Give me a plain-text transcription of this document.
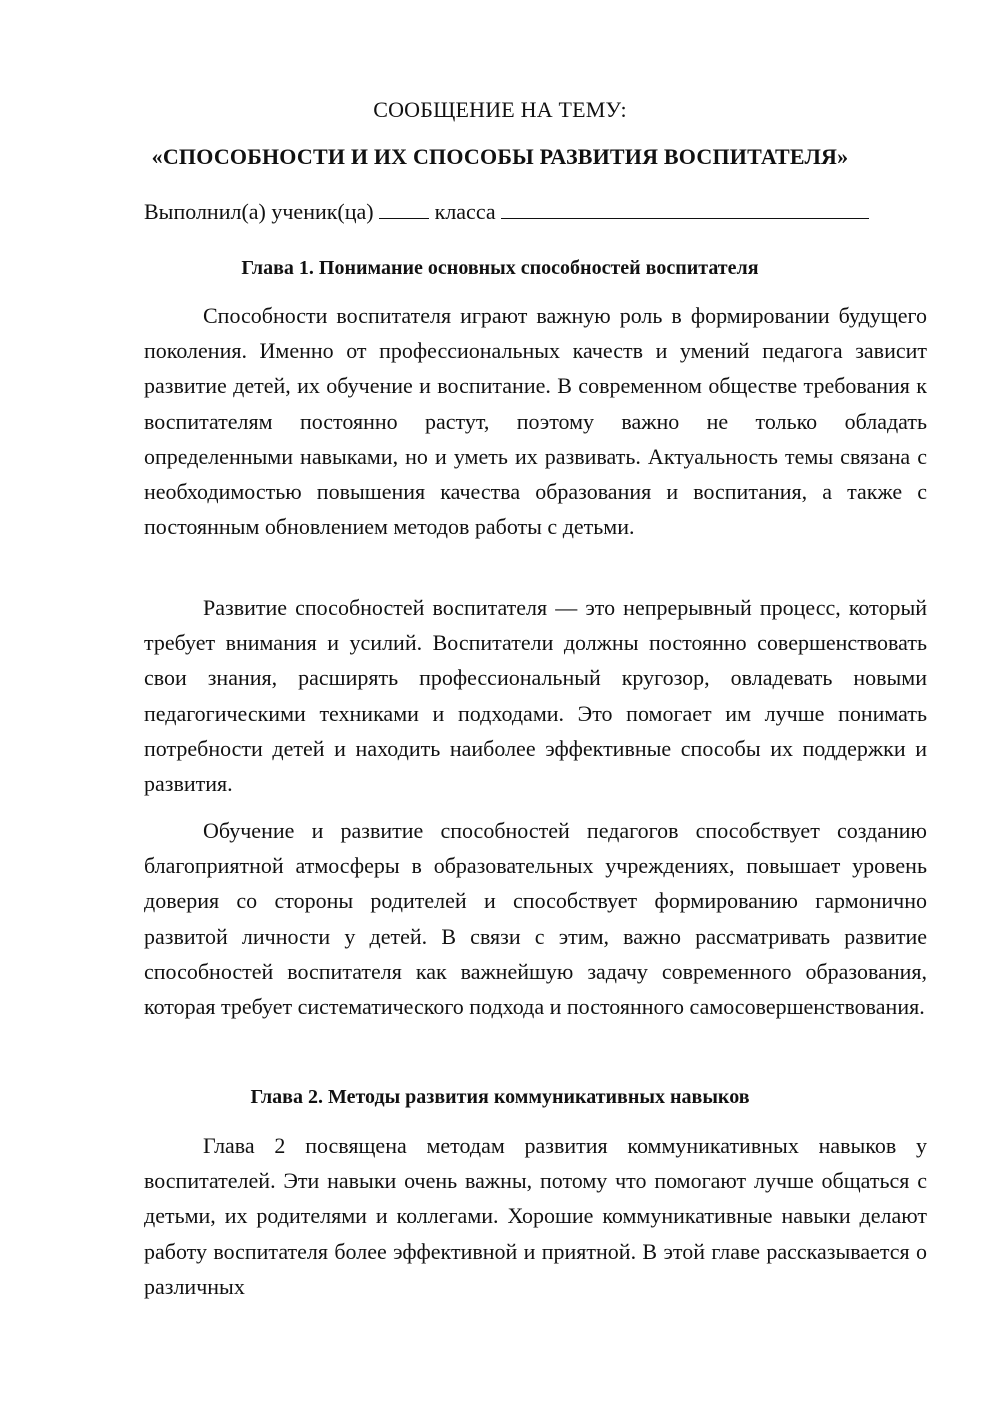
СООБЩЕНИЕ НА ТЕМУ:
«СПОСОБНОСТИ И ИХ СПОСОБЫ РАЗВИТИЯ ВОСПИТАТЕЛЯ»
Выполнил(а) ученик(ца)	класса
Глава 1. Понимание основных способностей воспитателя

Способности воспитателя играют важную роль в формировании будущего поколения. Именно от профессиональных качеств и умений педагога зависит развитие детей, их обучение и воспитание. В современном обществе требования к воспитателям постоянно растут, поэтому важно не только обладать определенными навыками, но и уметь их развивать. Актуальность темы связана с необходимостью повышения качества образования и воспитания, а также с постоянным обновлением методов работы с детьми.

Развитие способностей воспитателя — это непрерывный процесс, который требует внимания и усилий. Воспитатели должны постоянно совершенствовать свои знания, расширять профессиональный кругозор, овладевать новыми педагогическими техниками и подходами. Это помогает им лучше понимать потребности детей и находить наиболее эффективные способы их поддержки и развития.

Обучение и развитие способностей педагогов способствует созданию благоприятной атмосферы в образовательных учреждениях, повышает уровень доверия со стороны родителей и способствует формированию гармонично развитой личности у детей. В связи с этим, важно рассматривать развитие способностей воспитателя как важнейшую задачу современного образования, которая требует систематического подхода и постоянного самосовершенствования.

Глава 2. Методы развития коммуникативных навыков

Глава 2 посвящена методам развития коммуникативных навыков у воспитателей. Эти навыки очень важны, потому что помогают лучше общаться с детьми, их родителями и коллегами. Хорошие коммуникативные навыки делают работу воспитателя более эффективной и приятной. В этой главе рассказывается о различных
